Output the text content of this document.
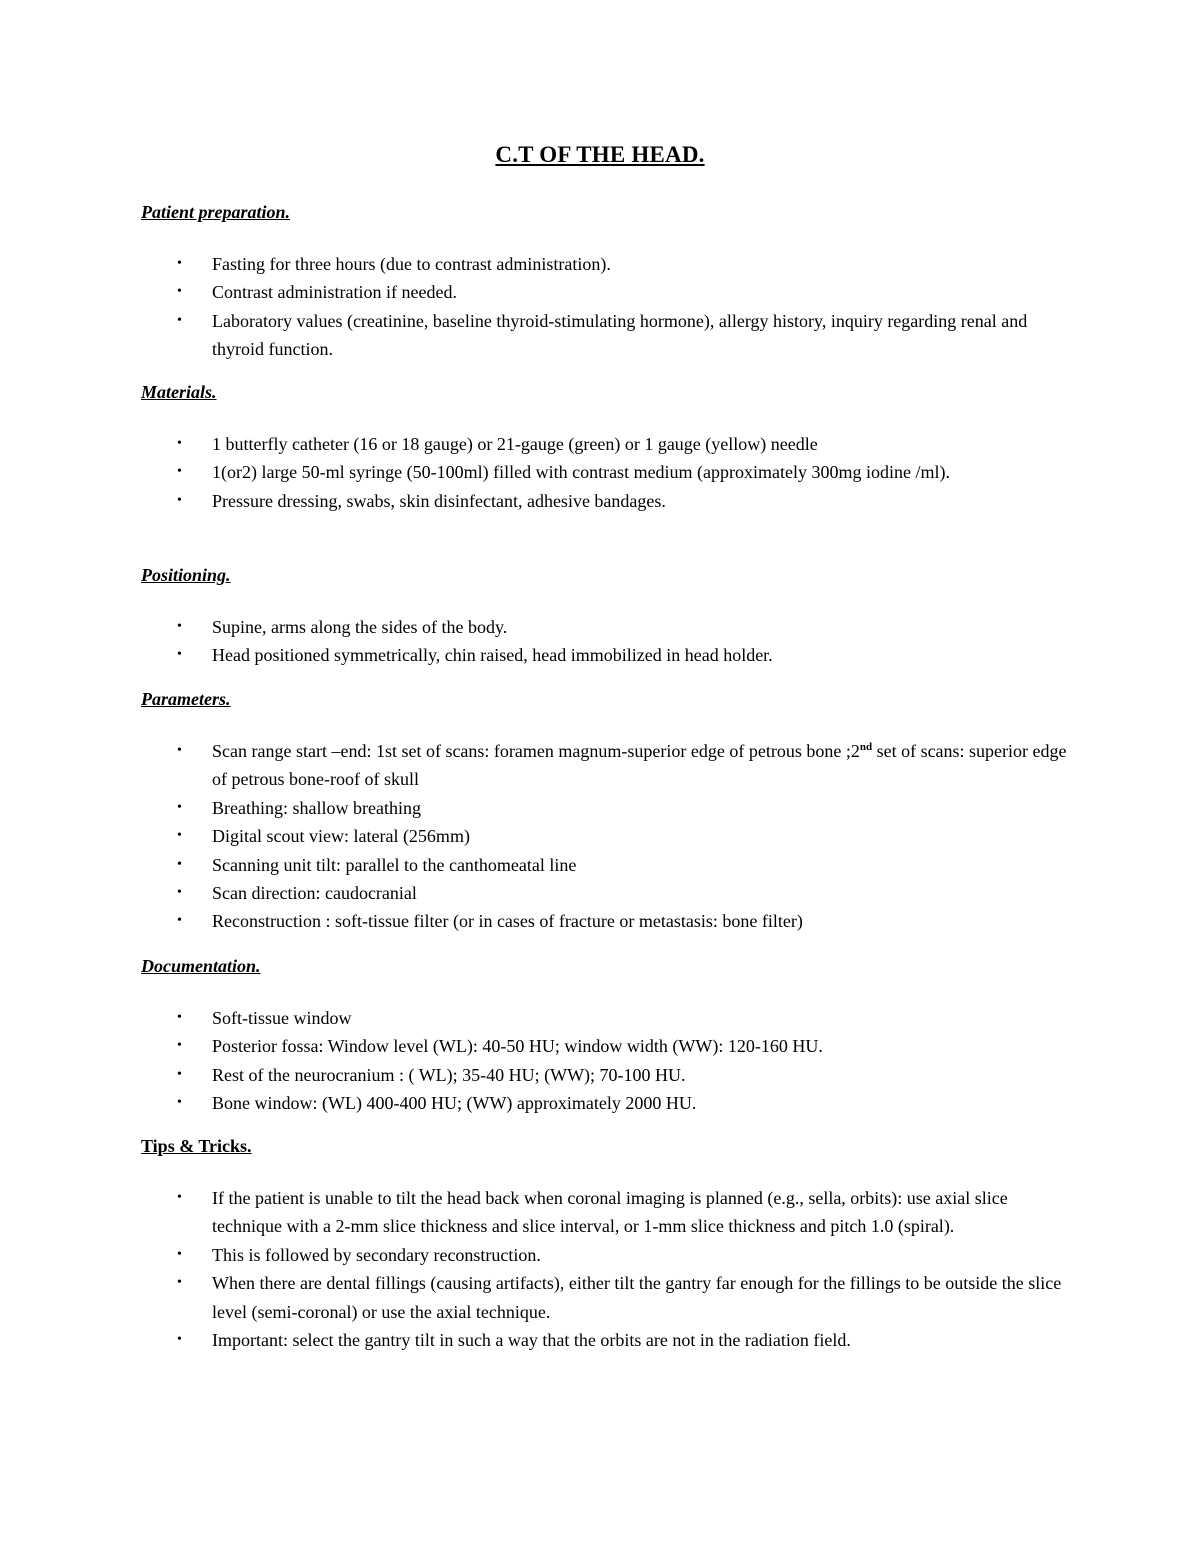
C.T OF THE HEAD.

Patient preparation.

• Fasting for three hours (due to contrast administration).
• Contrast administration if needed.
• Laboratory values (creatinine, baseline thyroid-stimulating hormone), allergy history, inquiry regarding renal and thyroid function.

Materials.

• 1 butterfly catheter (16 or 18 gauge) or 21-gauge (green) or 1 gauge (yellow) needle
• 1(or2) large 50-ml syringe (50-100ml) filled with contrast medium (approximately 300mg iodine /ml).
• Pressure dressing, swabs, skin disinfectant, adhesive bandages.

Positioning.

• Supine, arms along the sides of the body.
• Head positioned symmetrically, chin raised, head immobilized in head holder.

Parameters.

• Scan range start –end: 1st set of scans: foramen magnum-superior edge of petrous bone ;2nd set of scans: superior edge of petrous bone-roof of skull
• Breathing: shallow breathing
• Digital scout view: lateral (256mm)
• Scanning unit tilt: parallel to the canthomeatal line
• Scan direction: caudocranial
• Reconstruction : soft-tissue filter (or in cases of fracture or metastasis: bone filter)

Documentation.

• Soft-tissue window
• Posterior fossa: Window level (WL): 40-50 HU; window width (WW): 120-160 HU.
• Rest of the neurocranium : ( WL); 35-40 HU; (WW); 70-100 HU.
• Bone window: (WL) 400-400 HU; (WW) approximately 2000 HU.

Tips & Tricks.

• If the patient is unable to tilt the head back when coronal imaging is planned (e.g., sella, orbits): use axial slice technique with a 2-mm slice thickness and slice interval, or 1-mm slice thickness and pitch 1.0 (spiral).
• This is followed by secondary reconstruction.
• When there are dental fillings (causing artifacts), either tilt the gantry far enough for the fillings to be outside the slice level (semi-coronal) or use the axial technique.
• Important: select the gantry tilt in such a way that the orbits are not in the radiation field.
